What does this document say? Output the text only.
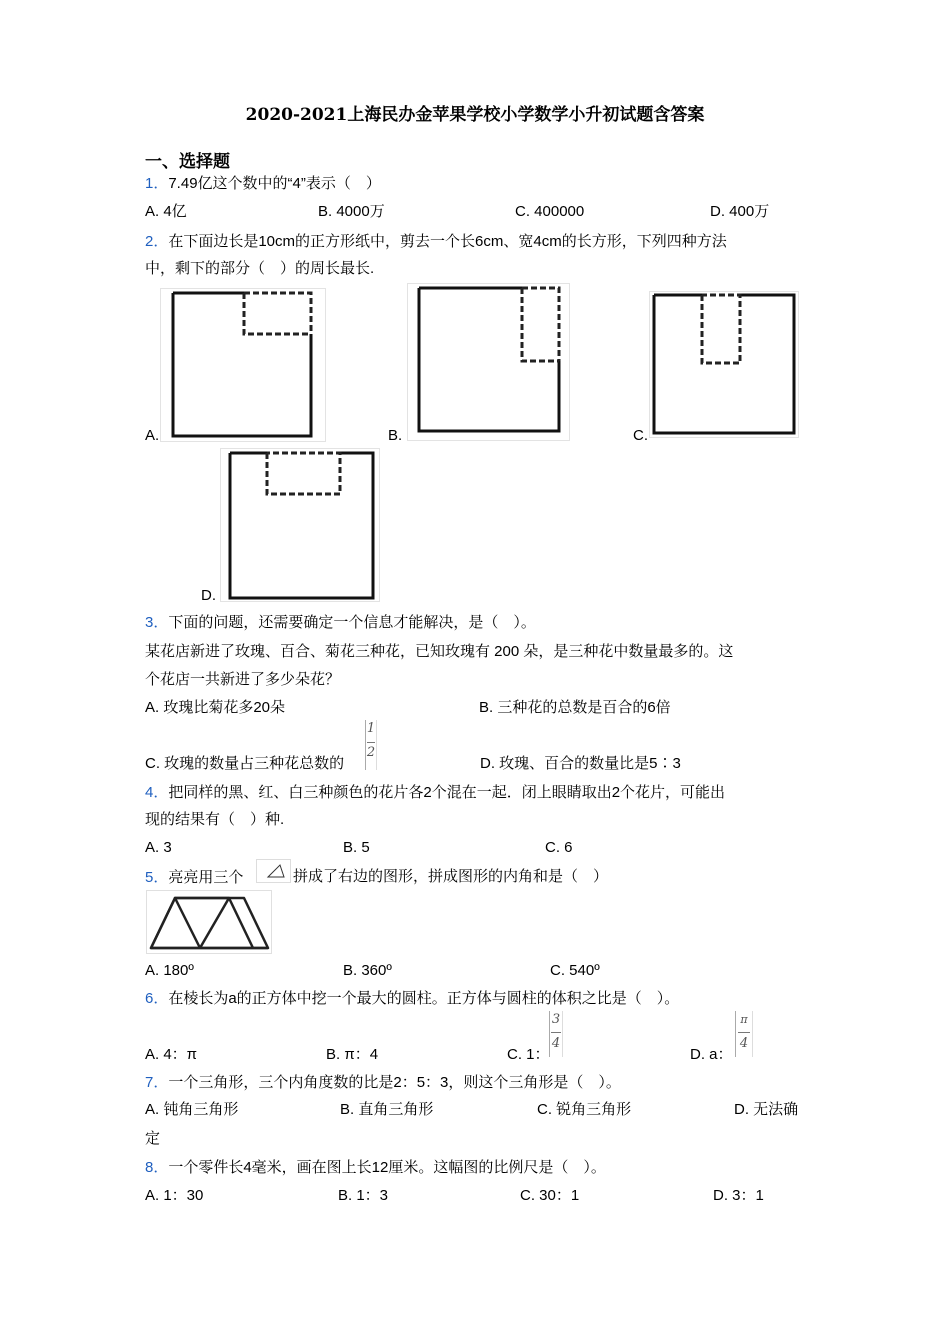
2020-2021上海民办金苹果学校小学数学小升初试题含答案
一、选择题
1．7.49亿这个数中的“4”表示（　）
A. 4亿	B. 4000万	C. 400000	D. 400万
2．在下面边长是10cm的正方形纸中，剪去一个长6cm、宽4cm的长方形，下列四种方法
中，剩下的部分（　）的周长最长.
A.	B.	C.
D.
3．下面的问题，还需要确定一个信息才能解决，是（　）。
某花店新进了玫瑰、百合、菊花三种花，已知玫瑰有 200 朵，是三种花中数量最多的。这
个花店一共新进了多少朵花？
A. 玫瑰比菊花多20朵	B. 三种花的总数是百合的6倍
C. 玫瑰的数量占三种花总数的
1
2
D. 玫瑰、百合的数量比是5∶3
4．把同样的黑、红、白三种颜色的花片各2个混在一起．闭上眼睛取出2个花片，可能出
现的结果有（　）种.
A. 3	B. 5	C. 6
5．亮亮用三个	拼成了右边的图形，拼成图形的内角和是（　）
A. 180º	B. 360º	C. 540º
6．在棱长为a的正方体中挖一个最大的圆柱。正方体与圆柱的体积之比是（　）。
A. 4：π	B. π：4	C. 1：
3
4
D. a：
π
4
7．一个三角形，三个内角度数的比是2：5：3，则这个三角形是（　）。
A. 钝角三角形	B. 直角三角形	C. 锐角三角形	D. 无法确
定
8．一个零件长4毫米，画在图上长12厘米。这幅图的比例尺是（　）。
A. 1：30	B. 1：3	C. 30：1	D. 3：1
